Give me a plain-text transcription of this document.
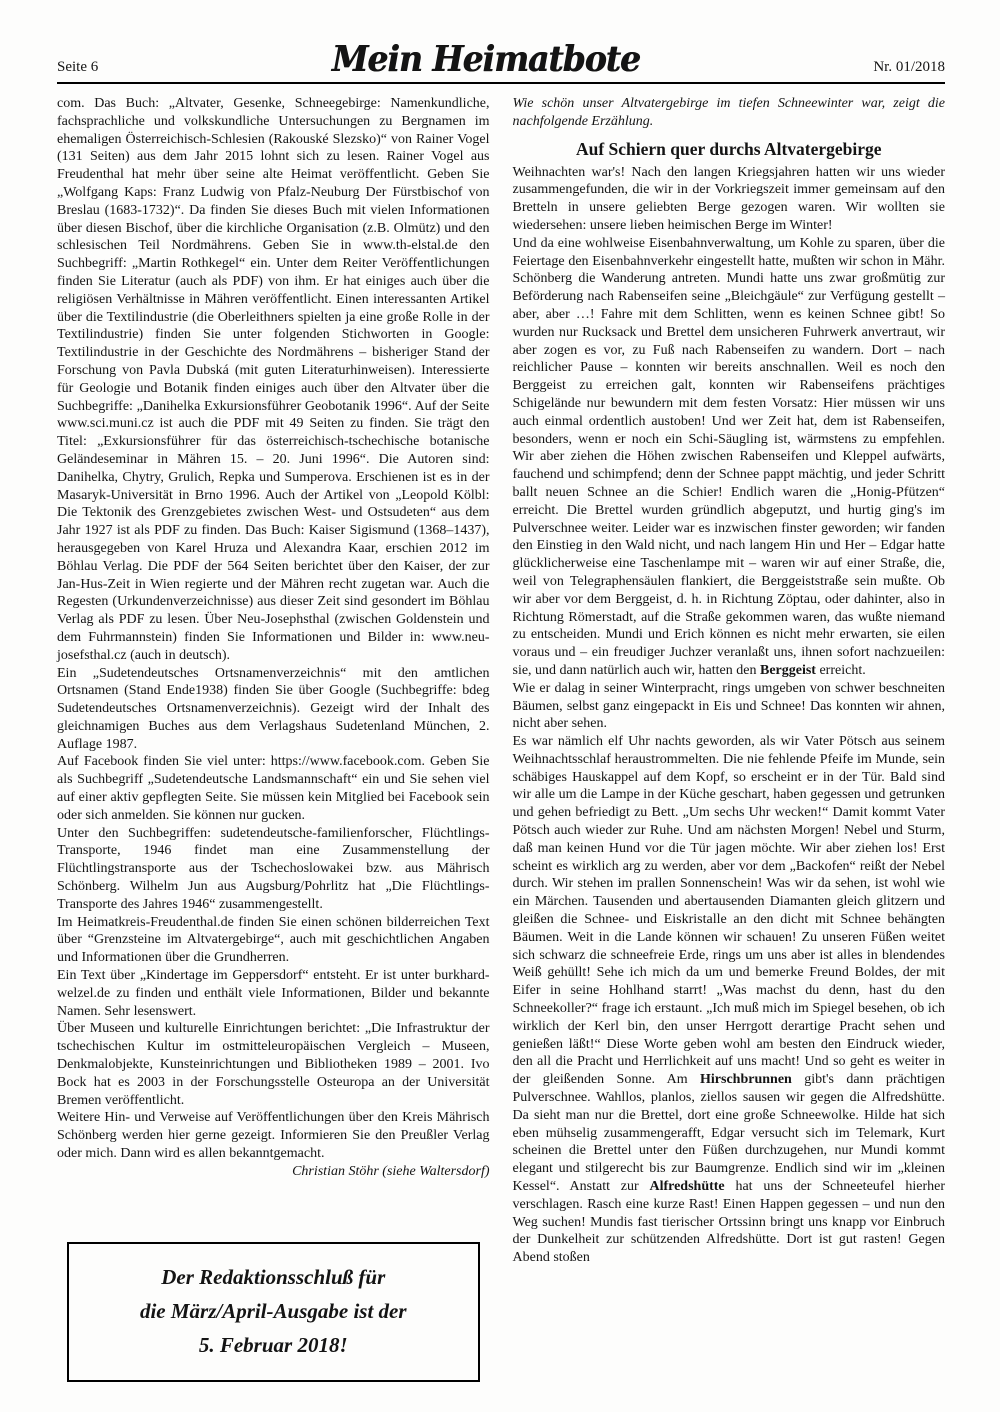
Seite 6	Mein Heimatbote	Nr. 01/2018

com. Das Buch: „Altvater, Gesenke, Schneegebirge: Namenkundliche, fachsprachliche und volkskundliche Untersuchungen zu Bergnamen im ehemaligen Österreichisch-Schlesien (Rakouské Slezsko)“ von Rainer Vogel (131 Seiten) aus dem Jahr 2015 lohnt sich zu lesen. Rainer Vogel aus Freudenthal hat mehr über seine alte Heimat veröffentlicht. Geben Sie „Wolfgang Kaps: Franz Ludwig von Pfalz-Neuburg Der Fürstbischof von Breslau (1683-1732)“. Da finden Sie dieses Buch mit vielen Informationen über diesen Bischof, über die kirchliche Organisation (z.B. Olmütz) und den schlesischen Teil Nordmährens. Geben Sie in www.th-elstal.de den Suchbegriff: „Martin Rothkegel“ ein. Unter dem Reiter Veröffentlichungen finden Sie Literatur (auch als PDF) von ihm. Er hat einiges auch über die religiösen Verhältnisse in Mähren veröffentlicht. Einen interessanten Artikel über die Textilindustrie (die Oberleithners spielten ja eine große Rolle in der Textilindustrie) finden Sie unter folgenden Stichworten in Google: Textilindustrie in der Geschichte des Nordmährens – bisheriger Stand der Forschung von Pavla Dubská (mit guten Literaturhinweisen). Interessierte für Geologie und Botanik finden einiges auch über den Altvater über die Suchbegriffe: „Danihelka Exkursionsführer Geobotanik 1996“. Auf der Seite www.sci.muni.cz ist auch die PDF mit 49 Seiten zu finden. Sie trägt den Titel: „Exkursionsführer für das österreichisch-tschechische botanische Geländeseminar in Mähren 15. – 20. Juni 1996“. Die Autoren sind: Danihelka, Chytry, Grulich, Repka und Sumperova. Erschienen ist es in der Masaryk-Universität in Brno 1996. Auch der Artikel von „Leopold Kölbl: Die Tektonik des Grenzgebietes zwischen West- und Ostsudeten“ aus dem Jahr 1927 ist als PDF zu finden. Das Buch: Kaiser Sigismund (1368–1437), herausgegeben von Karel Hruza und Alexandra Kaar, erschien 2012 im Böhlau Verlag. Die PDF der 564 Seiten berichtet über den Kaiser, der zur Jan-Hus-Zeit in Wien regierte und der Mähren recht zugetan war. Auch die Regesten (Urkundenverzeichnisse) aus dieser Zeit sind gesondert im Böhlau Verlag als PDF zu lesen. Über Neu-Josephsthal (zwischen Goldenstein und dem Fuhrmannstein) finden Sie Informationen und Bilder in: www.neu-josefsthal.cz (auch in deutsch).

Ein „Sudetendeutsches Ortsnamenverzeichnis“ mit den amtlichen Ortsnamen (Stand Ende1938) finden Sie über Google (Suchbegriffe: bdeg Sudetendeutsches Ortsnamenverzeichnis). Gezeigt wird der Inhalt des gleichnamigen Buches aus dem Verlagshaus Sudetenland München, 2. Auflage 1987.

Auf Facebook finden Sie viel unter: https://www.facebook.com. Geben Sie als Suchbegriff „Sudetendeutsche Landsmannschaft“ ein und Sie sehen viel auf einer aktiv gepflegten Seite. Sie müssen kein Mitglied bei Facebook sein oder sich anmelden. Sie können nur gucken.

Unter den Suchbegriffen: sudetendeutsche-familienforscher, Flüchtlings-Transporte, 1946 findet man eine Zusammenstellung der Flüchtlingstransporte aus der Tschechoslowakei bzw. aus Mährisch Schönberg. Wilhelm Jun aus Augsburg/Pohrlitz hat „Die Flüchtlings-Transporte des Jahres 1946“ zusammengestellt.

Im Heimatkreis-Freudenthal.de finden Sie einen schönen bilderreichen Text über “Grenzsteine im Altvatergebirge“, auch mit geschichtlichen Angaben und Informationen über die Grundherren.

Ein Text über „Kindertage im Geppersdorf“ entsteht. Er ist unter burkhard-welzel.de zu finden und enthält viele Informationen, Bilder und bekannte Namen. Sehr lesenswert.

Über Museen und kulturelle Einrichtungen berichtet: „Die Infrastruktur der tschechischen Kultur im ostmitteleuropäischen Vergleich – Museen, Denkmalobjekte, Kunsteinrichtungen und Bibliotheken 1989 – 2001. Ivo Bock hat es 2003 in der Forschungsstelle Osteuropa an der Universität Bremen veröffentlicht.

Weitere Hin- und Verweise auf Veröffentlichungen über den Kreis Mährisch Schönberg werden hier gerne gezeigt. Informieren Sie den Preußler Verlag oder mich. Dann wird es allen bekanntgemacht.

Christian Stöhr (siehe Waltersdorf)

Der Redaktionsschluß für
die März/April-Ausgabe ist der
5. Februar 2018!

Wie schön unser Altvatergebirge im tiefen Schneewinter war, zeigt die nachfolgende Erzählung.

Auf Schiern quer durchs Altvatergebirge

Weihnachten war's! Nach den langen Kriegsjahren hatten wir uns wieder zusammengefunden, die wir in der Vorkriegszeit immer gemeinsam auf den Bretteln in unsere geliebten Berge gezogen waren. Wir wollten sie wiedersehen: unsere lieben heimischen Berge im Winter!

Und da eine wohlweise Eisenbahnverwaltung, um Kohle zu sparen, über die Feiertage den Eisenbahnverkehr eingestellt hatte, mußten wir schon in Mähr. Schönberg die Wanderung antreten. Mundi hatte uns zwar großmütig zur Beförderung nach Rabenseifen seine „Bleichgäule“ zur Verfügung gestellt – aber, aber …! Fahre mit dem Schlitten, wenn es keinen Schnee gibt! So wurden nur Rucksack und Brettel dem unsicheren Fuhrwerk anvertraut, wir aber zogen es vor, zu Fuß nach Rabenseifen zu wandern. Dort – nach reichlicher Pause – konnten wir bereits anschnallen. Weil es noch den Berggeist zu erreichen galt, konnten wir Rabenseifens prächtiges Schigelände nur bewundern mit dem festen Vorsatz: Hier müssen wir uns auch einmal ordentlich austoben! Und wer Zeit hat, dem ist Rabenseifen, besonders, wenn er noch ein Schi-Säugling ist, wärmstens zu empfehlen. Wir aber ziehen die Höhen zwischen Rabenseifen und Kleppel aufwärts, fauchend und schimpfend; denn der Schnee pappt mächtig, und jeder Schritt ballt neuen Schnee an die Schier! Endlich waren die „Honig-Pfützen“ erreicht. Die Brettel wurden gründlich abgeputzt, und hurtig ging's im Pulverschnee weiter. Leider war es inzwischen finster geworden; wir fanden den Einstieg in den Wald nicht, und nach langem Hin und Her – Edgar hatte glücklicherweise eine Taschenlampe mit – waren wir auf einer Straße, die, weil von Telegraphensäulen flankiert, die Berggeiststraße sein mußte. Ob wir aber vor dem Berggeist, d. h. in Richtung Zöptau, oder dahinter, also in Richtung Römerstadt, auf die Straße gekommen waren, das wußte niemand zu entscheiden. Mundi und Erich können es nicht mehr erwarten, sie eilen voraus und – ein freudiger Juchzer veranlaßt uns, ihnen sofort nachzueilen: sie, und dann natürlich auch wir, hatten den Berggeist erreicht.

Wie er dalag in seiner Winterpracht, rings umgeben von schwer beschneiten Bäumen, selbst ganz eingepackt in Eis und Schnee! Das konnten wir ahnen, nicht aber sehen.

Es war nämlich elf Uhr nachts geworden, als wir Vater Pötsch aus seinem Weihnachtsschlaf heraustrommelten. Die nie fehlende Pfeife im Munde, sein schäbiges Hauskappel auf dem Kopf, so erscheint er in der Tür. Bald sind wir alle um die Lampe in der Küche geschart, haben gegessen und getrunken und gehen befriedigt zu Bett. „Um sechs Uhr wecken!“ Damit kommt Vater Pötsch auch wieder zur Ruhe. Und am nächsten Morgen! Nebel und Sturm, daß man keinen Hund vor die Tür jagen möchte. Wir aber ziehen los! Erst scheint es wirklich arg zu werden, aber vor dem „Backofen“ reißt der Nebel durch. Wir stehen im prallen Sonnenschein! Was wir da sehen, ist wohl wie ein Märchen. Tausenden und abertausenden Diamanten gleich glitzern und gleißen die Schnee- und Eiskristalle an den dicht mit Schnee behängten Bäumen. Weit in die Lande können wir schauen! Zu unseren Füßen weitet sich schwarz die schneefreie Erde, rings um uns aber ist alles in blendendes Weiß gehüllt! Sehe ich mich da um und bemerke Freund Boldes, der mit Eifer in seine Hohlhand starrt! „Was machst du denn, hast du den Schneekoller?“ frage ich erstaunt. „Ich muß mich im Spiegel besehen, ob ich wirklich der Kerl bin, den unser Herrgott derartige Pracht sehen und genießen läßt!“ Diese Worte geben wohl am besten den Eindruck wieder, den all die Pracht und Herrlichkeit auf uns macht! Und so geht es weiter in der gleißenden Sonne. Am Hirschbrunnen gibt's dann prächtigen Pulverschnee. Wahllos, planlos, ziellos sausen wir gegen die Alfredshütte. Da sieht man nur die Brettel, dort eine große Schneewolke. Hilde hat sich eben mühselig zusammengerafft, Edgar versucht sich im Telemark, Kurt scheinen die Brettel unter den Füßen durchzugehen, nur Mundi kommt elegant und stilgerecht bis zur Baumgrenze. Endlich sind wir im „kleinen Kessel“. Anstatt zur Alfredshütte hat uns der Schneeteufel hierher verschlagen. Rasch eine kurze Rast! Einen Happen gegessen – und nun den Weg suchen! Mundis fast tierischer Ortssinn bringt uns knapp vor Einbruch der Dunkelheit zur schützenden Alfredshütte. Dort ist gut rasten! Gegen Abend stoßen
